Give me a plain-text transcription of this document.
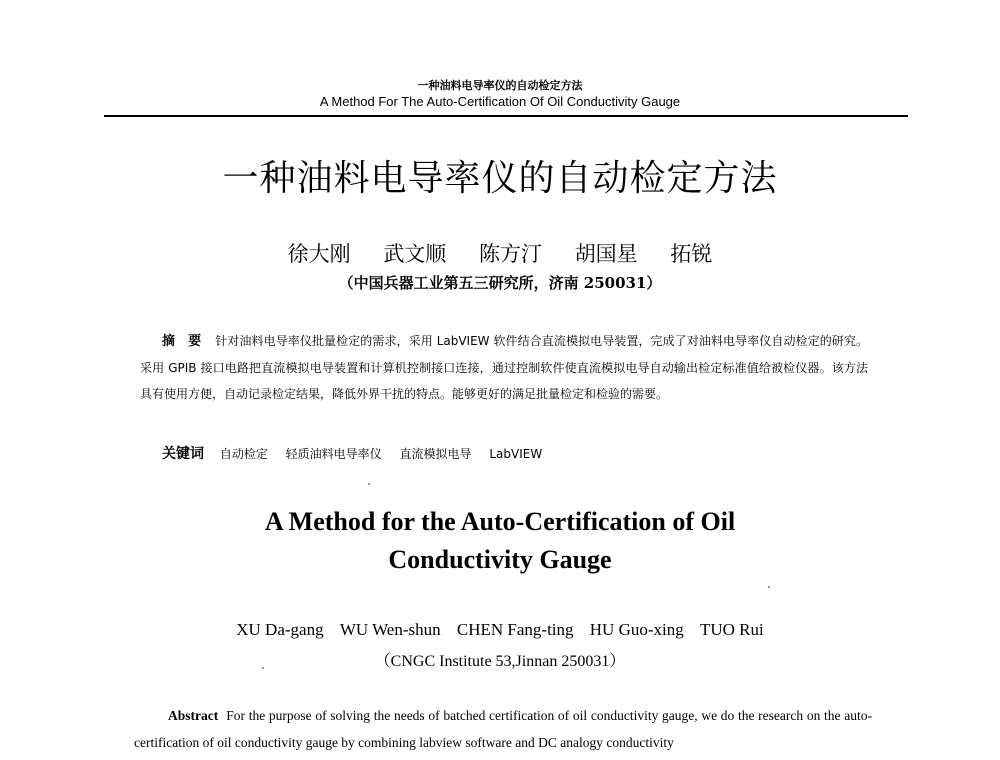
一种油料电导率仪的自动检定方法
A Method For The Auto-Certification Of Oil Conductivity Gauge
一种油料电导率仪的自动检定方法
徐大刚 武文顺 陈方汀 胡国星 拓锐
（中国兵器工业第五三研究所，济南 250031）
摘　要 针对油料电导率仪批量检定的需求，采用 LabVIEW 软件结合直流模拟电导装置，完成了对油料电导率仪自动检定的研究。采用 GPIB 接口电路把直流模拟电导装置和计算机控制接口连接，通过控制软件使直流模拟电导自动输出检定标准值给被检仪器。该方法具有使用方便，自动记录检定结果，降低外界干扰的特点。能够更好的满足批量检定和检验的需要。
关键词 自动检定 轻质油料电导率仪 直流模拟电导 LabVIEW
A Method for the Auto-Certification of Oil
Conductivity Gauge
XU Da-gang WU Wen-shun CHEN Fang-ting HU Guo-xing TUO Rui
（CNGC Institute 53,Jinnan 250031）
Abstract For the purpose of solving the needs of batched certification of oil conductivity gauge, we do the research on the auto-certification of oil conductivity gauge by combining labview software and DC analogy conductivity
